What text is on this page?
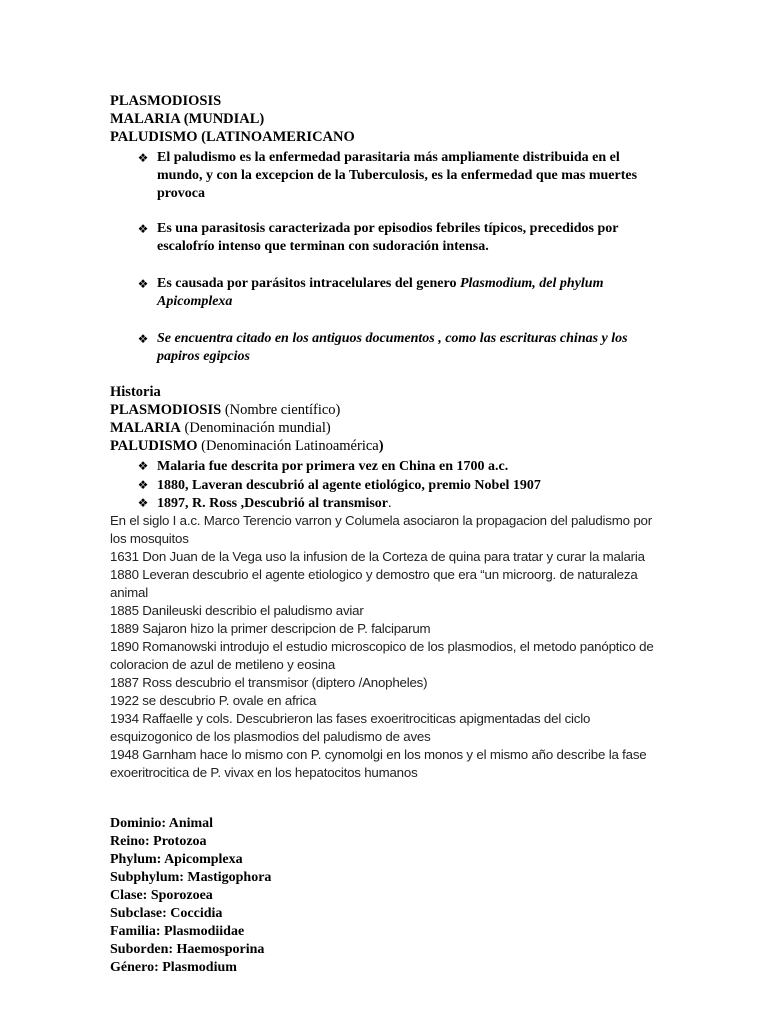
PLASMODIOSIS
MALARIA (MUNDIAL)
PALUDISMO (LATINOAMERICANO
❖ El paludismo es la enfermedad parasitaria más ampliamente distribuida en el mundo, y con la excepcion de la Tuberculosis, es la enfermedad que mas muertes provoca
❖ Es una parasitosis caracterizada por episodios febriles típicos, precedidos por escalofrío intenso que terminan con sudoración intensa.
❖ Es causada por parásitos intracelulares del genero Plasmodium, del phylum Apicomplexa
❖ Se encuentra citado en los antiguos documentos , como las escrituras chinas y los papiros egipcios
Historia
PLASMODIOSIS (Nombre científico)
MALARIA (Denominación mundial)
PALUDISMO (Denominación Latinoamérica)
❖ Malaria fue descrita por primera vez en China en 1700 a.c.
❖ 1880, Laveran descubrió al agente etiológico, premio Nobel 1907
❖ 1897, R. Ross ,Descubrió al transmisor.

En el siglo I a.c. Marco Terencio varron y Columela asociaron la propagacion del paludismo por los mosquitos

1631 Don Juan de la Vega uso la infusion de la Corteza de quina para tratar y curar la malaria

1880 Leveran descubrio el agente etiologico y demostro que era “un microorg. de naturaleza animal

1885 Danileuski describio el paludismo aviar

1889 Sajaron hizo la primer descripcion de P. falciparum

1890 Romanowski introdujo el estudio microscopico de los plasmodios, el metodo panóptico de coloracion de azul de metileno y eosina

1887 Ross descubrio el transmisor (diptero /Anopheles)

1922 se descubrio P. ovale en africa

1934 Raffaelle y cols. Descubrieron las fases exoeritrociticas apigmentadas del ciclo esquizogonico de los plasmodios del paludismo de aves

1948 Garnham hace lo mismo con P. cynomolgi en los monos y el mismo año describe la fase exoeritrocitica de P. vivax en los hepatocitos humanos

Dominio: Animal
Reino: Protozoa
Phylum: Apicomplexa
Subphylum: Mastigophora
Clase: Sporozoea
Subclase: Coccidia
Familia: Plasmodiidae
Suborden: Haemosporina
Género: Plasmodium
